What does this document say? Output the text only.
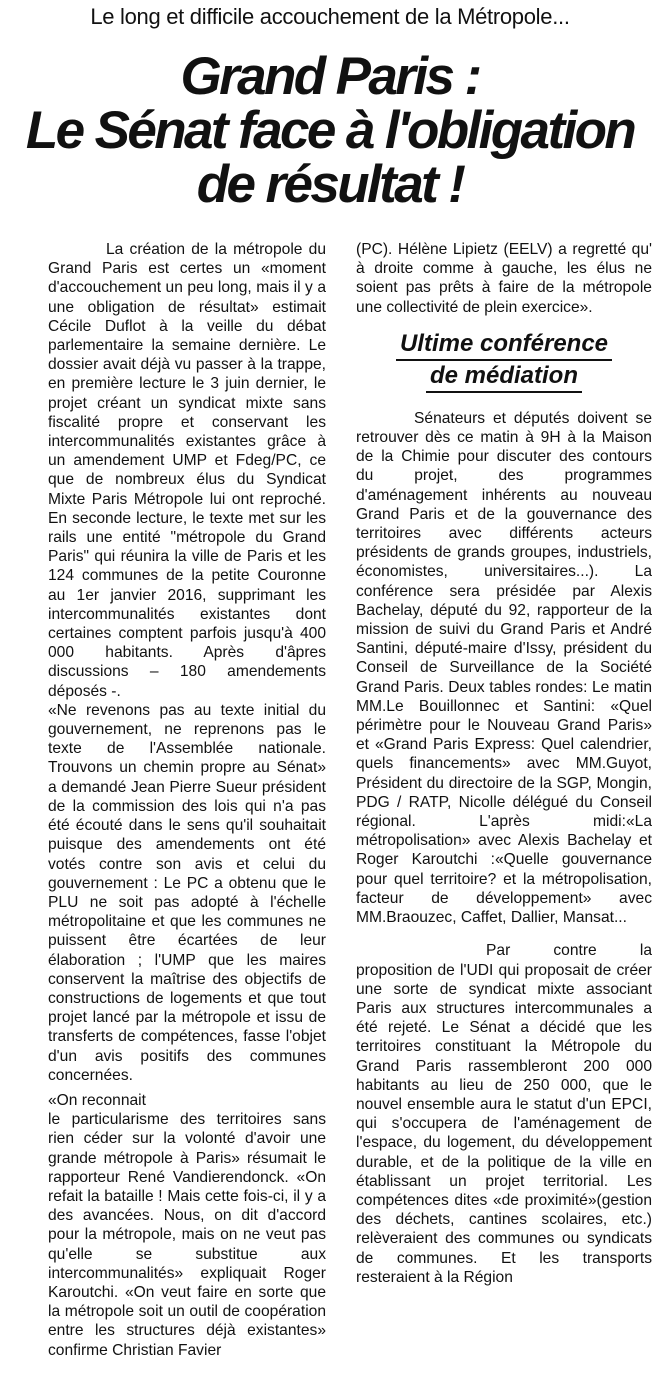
Le long et difficile accouchement de la Métropole...
Grand Paris :
Le Sénat face à l'obligation
de résultat !

La création de la métropole du Grand Paris est certes un «moment d'accouchement un peu long, mais il y a une obligation de résultat» estimait Cécile Duflot à la veille du débat parlementaire la semaine dernière. Le dossier avait déjà vu passer à la trappe, en première lecture le 3 juin dernier, le projet créant un syndicat mixte sans fiscalité propre et conservant les intercommunalités existantes grâce à un amendement UMP et Fdeg/PC, ce que de nombreux élus du Syndicat Mixte Paris Métropole lui ont reproché. En seconde lecture, le texte met sur les rails une entité "métropole du Grand Paris" qui réunira la ville de Paris et les 124 communes de la petite Couronne au 1er janvier 2016, supprimant les intercommunalités existantes dont certaines comptent parfois jusqu'à 400 000 habitants. Après d'âpres discussions – 180 amendements déposés -.

«Ne revenons pas au texte initial du gouvernement, ne reprenons pas le texte de l'Assemblée nationale. Trouvons un chemin propre au Sénat» a demandé Jean Pierre Sueur président de la commission des lois qui n'a pas été écouté dans le sens qu'il souhaitait puisque des amendements ont été votés contre son avis et celui du gouvernement : Le PC a obtenu que le PLU ne soit pas adopté à l'échelle métropolitaine et que les communes ne puissent être écartées de leur élaboration ; l'UMP que les maires conservent la maîtrise des objectifs de constructions de logements et que tout projet lancé par la métropole et issu de transferts de compétences, fasse l'objet d'un avis positifs des communes concernées.

«On reconnait

le particularisme des territoires sans rien céder sur la volonté d'avoir une grande métropole à Paris» résumait le rapporteur René Vandierendonck. «On refait la bataille ! Mais cette fois-ci, il y a des avancées. Nous, on dit d'accord pour la métropole, mais on ne veut pas qu'elle se substitue aux intercommunalités» expliquait Roger Karoutchi. «On veut faire en sorte que la métropole soit un outil de coopération entre les structures déjà existantes» confirme Christian Favier

(PC). Hélène Lipietz (EELV) a regretté qu' à droite comme à gauche, les élus ne soient pas prêts à faire de la métropole une collectivité de plein exercice».

Ultime conférence
de médiation

Sénateurs et députés doivent se retrouver dès ce matin à 9H à la Maison de la Chimie pour discuter des contours du projet, des programmes d'aménagement inhérents au nouveau Grand Paris et de la gouvernance des territoires avec différents acteurs présidents de grands groupes, industriels, économistes, universitaires...). La conférence sera présidée par Alexis Bachelay, député du 92, rapporteur de la mission de suivi du Grand Paris et André Santini, député-maire d'Issy, président du Conseil de Surveillance de la Société Grand Paris. Deux tables rondes: Le matin MM.Le Bouillonnec et Santini: «Quel périmètre pour le Nouveau Grand Paris» et «Grand Paris Express: Quel calendrier, quels financements» avec MM.Guyot, Président du directoire de la SGP, Mongin, PDG / RATP, Nicolle délégué du Conseil régional. L'après midi:«La métropolisation» avec Alexis Bachelay et Roger Karoutchi :«Quelle gouvernance pour quel territoire? et la métropolisation, facteur de développement» avec MM.Braouzec, Caffet, Dallier, Mansat...

Par contre la proposition de l'UDI qui proposait de créer une sorte de syndicat mixte associant Paris aux structures intercommunales a été rejeté. Le Sénat a décidé que les territoires constituant la Métropole du Grand Paris rassembleront 200 000 habitants au lieu de 250 000, que le nouvel ensemble aura le statut d'un EPCI, qui s'occupera de l'aménagement de l'espace, du logement, du développement durable, et de la politique de la ville en établissant un projet territorial. Les compétences dites «de proximité»(gestion des déchets, cantines scolaires, etc.) relèveraient des communes ou syndicats de communes. Et les transports resteraient à la Région
